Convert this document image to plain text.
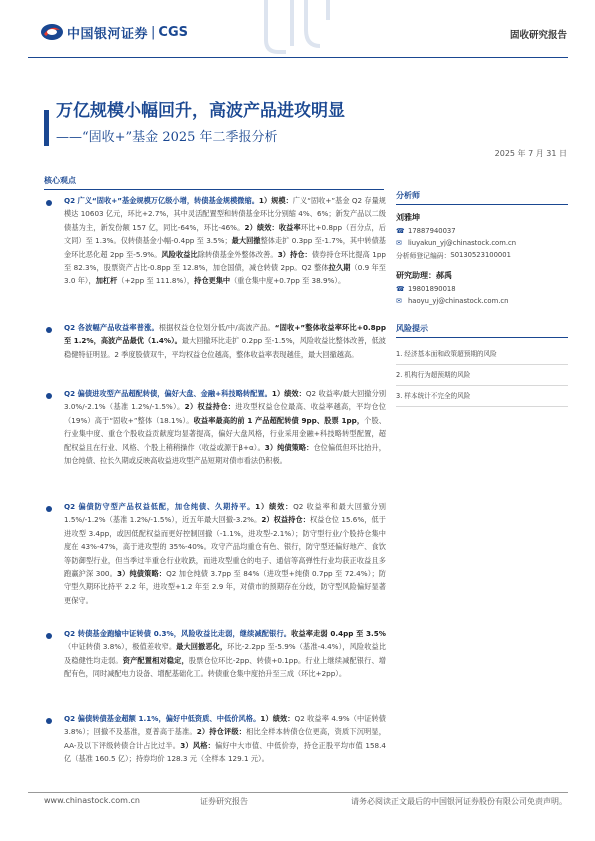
中国银河证券 | CGS	固收研究报告
万亿规模小幅回升，高波产品进攻明显
——“固收+”基金 2025 年二季报分析
2025 年 7 月 31 日
核心观点
Q2 广义“固收+”基金规模万亿级小增，转债基金规模微缩。1）规模：广义“固收+”基金 Q2 存量规模达 10603 亿元，环比+2.7%，其中灵活配置型和转债基金环比分别缩 4%、6%；新发产品以二级债基为主，新发份额 157 亿，同比-64%，环比-46%。2）绩效：收益率环比+0.8pp（百分点，后文同）至 1.3%。仅转债基金小幅-0.4pp 至 3.5%；最大回撤整体走扩 0.3pp 至-1.7%，其中转债基金环比恶化超 2pp 至-5.9%。风险收益比除转债基金外整体改善。3）持仓：债券持仓环比提高 1pp 至 82.3%，股票资产占比-0.8pp 至 12.8%，加仓国债，减仓转债 2pp。Q2 整体拉久期（0.9 年至 3.0 年），加杠杆（+2pp 至 111.8%），持仓更集中（重仓集中度+0.7pp 至 38.9%）。
Q2 各波幅产品收益率普涨。根据权益仓位划分低/中/高波产品。“固收+”整体收益率环比+0.8pp 至 1.2%，高波产品最优（1.4%）。最大回撤环比走扩 0.2pp 至-1.5%，风险收益比整体改善，低波稳健特征明显。2 季度股债双牛，平均权益仓位越高，整体收益率表现越佳，最大回撤越高。
Q2 偏债进攻型产品超配转债，偏好大盘、金融+科技略转配置。1）绩效：Q2 收益率/最大回撤分别 3.0%/-2.1%（基准 1.2%/-1.5%）。2）权益持仓：进攻型权益仓位最高、收益率越高，平均仓位（19%）高于“固收+”整体（18.1%）。收益率最高的前 1 产品超配转债 9pp、股票 1pp，个股、行业集中度、重仓个股收益贡献度均显著提高，偏好大盘风格，行业采用金融+科技略转型配置，超配权益且在行业、风格、个股上稍稍操作（收益或源于β+α）。3）纯债策略：仓位偏低但环比抬升，加仓纯债、拉长久期或反映高收益进攻型产品短期对债市看法仍积极。
Q2 偏债防守型产品权益低配，加仓纯债、久期持平。1）绩效：Q2 收益率和最大回撤分别 1.5%/-1.2%（基准 1.2%/-1.5%），近五年最大回撤-3.2%。2）权益持仓：权益仓位 15.6%，低于进攻型 3.4pp，或因低配权益而更好控制回撤（-1.1%，进攻型-2.1%）；防守型行业/个股持仓集中度在 43%-47%，高于进攻型的 35%-40%。攻守产品均重仓有色、银行，防守型还偏好地产、食饮等防御型行业，但当季过半重仓行业收跌，而进攻型重仓的电子、通信等高弹性行业均获正收益且多跑赢沪深 300。3）纯债策略：Q2 加仓纯债 3.7pp 至 84%（进攻型+纯债 0.7pp 至 72.4%）；防守型久期环比持平 2.2 年，进攻型+1.2 年至 2.9 年，对债市的预期存在分歧，防守型风险偏好显著更保守。
Q2 转债基金跑输中证转债 0.3%，风险收益比走弱，继续减配银行。收益率走弱 0.4pp 至 3.5%（中证转债 3.8%），极值差收窄。最大回撤恶化，环比-2.2pp 至-5.9%（基准-4.4%），风险收益比及稳健性均走弱。资产配置相对稳定，股票仓位环比-2pp、转债+0.1pp。行业上继续减配银行、增配有色，同时减配电力设备、增配基础化工。转债重仓集中度抬升至三成（环比+2pp）。
Q2 偏债转债基金超额 1.1%，偏好中低资质、中低价风格。1）绩效：Q2 收益率 4.9%（中证转债 3.8%）；回撤不及基准，夏普高于基准。2）持仓评级：相比全样本转债仓位更高，资质下沉明显，AA-及以下评级转债合计占比过半。3）风格：偏好中大市值、中低价券，持仓正股平均市值 158.4 亿（基准 160.5 亿）；持券均价 128.3 元（全样本 129.1 元）。
分析师
刘雅坤
☎ 17887940037
✉ liuyakun_yj@chinastock.com.cn
分析师登记编码： S0130523100001
研究助理：郝禹
☎ 19801890018
✉ haoyu_yj@chinastock.com.cn
风险提示
1. 经济基本面和政策超预期的风险
2. 机构行为超预期的风险
3. 样本统计不完全的风险
www.chinastock.com.cn	证券研究报告	请务必阅读正文最后的中国银河证券股份有限公司免责声明。
